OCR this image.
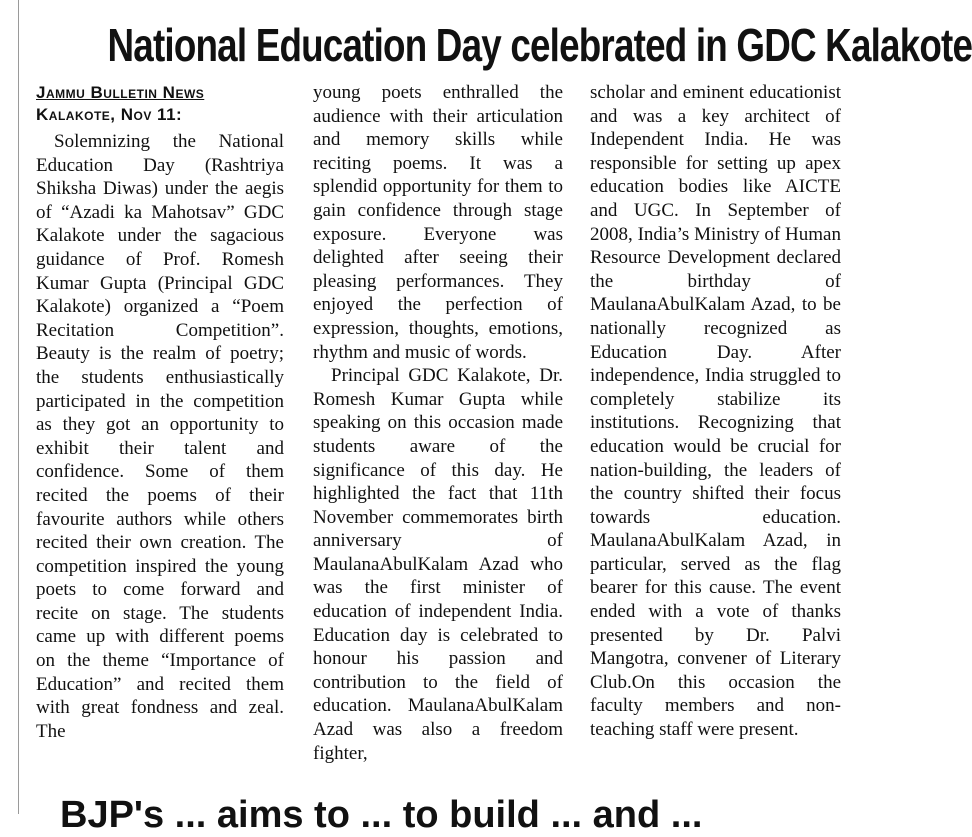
National Education Day celebrated in GDC Kalakote
Jammu Bulletin News
Kalakote, Nov 11:

Solemnizing the National Education Day (Rashtriya Shiksha Diwas) under the aegis of “Azadi ka Mahotsav” GDC Kalakote under the sagacious guidance of Prof. Romesh Kumar Gupta (Principal GDC Kalakote) organized a “Poem Recitation Competition”. Beauty is the realm of poetry; the students enthusiastically participated in the competition as they got an opportunity to exhibit their talent and confidence. Some of them recited the poems of their favourite authors while others recited their own creation. The competition inspired the young poets to come forward and recite on stage. The students came up with different poems on the theme “Importance of Education” and recited them with great fondness and zeal. The

young poets enthralled the audience with their articulation and memory skills while reciting poems. It was a splendid opportunity for them to gain confidence through stage exposure. Everyone was delighted after seeing their pleasing performances. They enjoyed the perfection of expression, thoughts, emotions, rhythm and music of words.

Principal GDC Kalakote, Dr. Romesh Kumar Gupta while speaking on this occasion made students aware of the significance of this day. He highlighted the fact that 11th November commemorates birth anniversary of MaulanaAbulKalam Azad who was the first minister of education of independent India. Education day is celebrated to honour his passion and contribution to the field of education. MaulanaAbulKalam Azad was also a freedom fighter,

scholar and eminent educationist and was a key architect of Independent India. He was responsible for setting up apex education bodies like AICTE and UGC. In September of 2008, India’s Ministry of Human Resource Development declared the birthday of MaulanaAbulKalam Azad, to be nationally recognized as Education Day. After independence, India struggled to completely stabilize its institutions. Recognizing that education would be crucial for nation-building, the leaders of the country shifted their focus towards education. MaulanaAbulKalam Azad, in particular, served as the flag bearer for this cause. The event ended with a vote of thanks presented by Dr. Palvi Mangotra, convener of Literary Club.On this occasion the faculty members and non-teaching staff were present.

BJP's ... aims to ... to build ... and ...
